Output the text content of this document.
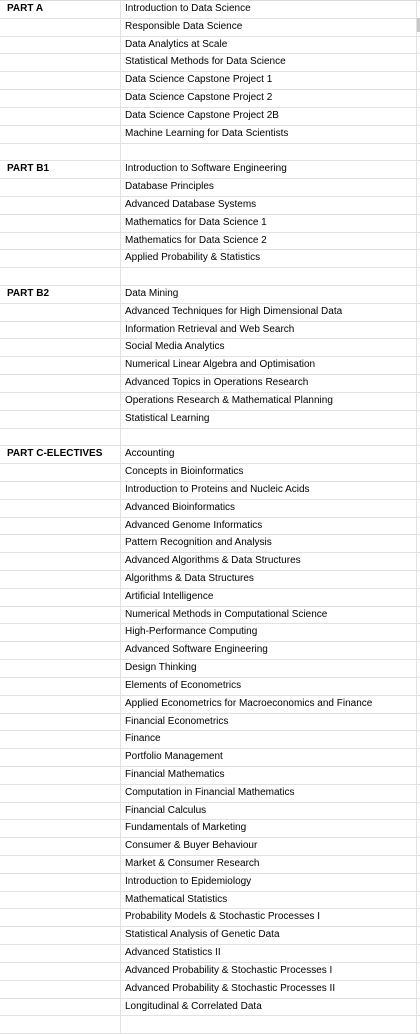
PART A	Introduction to Data Science
Responsible Data Science
Data Analytics at Scale
Statistical Methods for Data Science
Data Science Capstone Project 1
Data Science Capstone Project 2
Data Science Capstone Project 2B
Machine Learning for Data Scientists
PART B1	Introduction to Software Engineering
Database Principles
Advanced Database Systems
Mathematics for Data Science 1
Mathematics for Data Science 2
Applied Probability & Statistics
PART B2	Data Mining
Advanced Techniques for High Dimensional Data
Information Retrieval and Web Search
Social Media Analytics
Numerical Linear Algebra and Optimisation
Advanced Topics in Operations Research
Operations Research & Mathematical Planning
Statistical Learning
PART C-ELECTIVES	Accounting
Concepts in Bioinformatics
Introduction to Proteins and Nucleic Acids
Advanced Bioinformatics
Advanced Genome Informatics
Pattern Recognition and Analysis
Advanced Algorithms & Data Structures
Algorithms & Data Structures
Artificial Intelligence
Numerical Methods in Computational Science
High-Performance Computing
Advanced Software Engineering
Design Thinking
Elements of Econometrics
Applied Econometrics for Macroeconomics and Finance
Financial Econometrics
Finance
Portfolio Management
Financial Mathematics
Computation in Financial Mathematics
Financial Calculus
Fundamentals of Marketing
Consumer & Buyer Behaviour
Market & Consumer Research
Introduction to Epidemiology
Mathematical Statistics
Probability Models & Stochastic Processes I
Statistical Analysis of Genetic Data
Advanced Statistics II
Advanced Probability & Stochastic Processes I
Advanced Probability & Stochastic Processes II
Longitudinal & Correlated Data
